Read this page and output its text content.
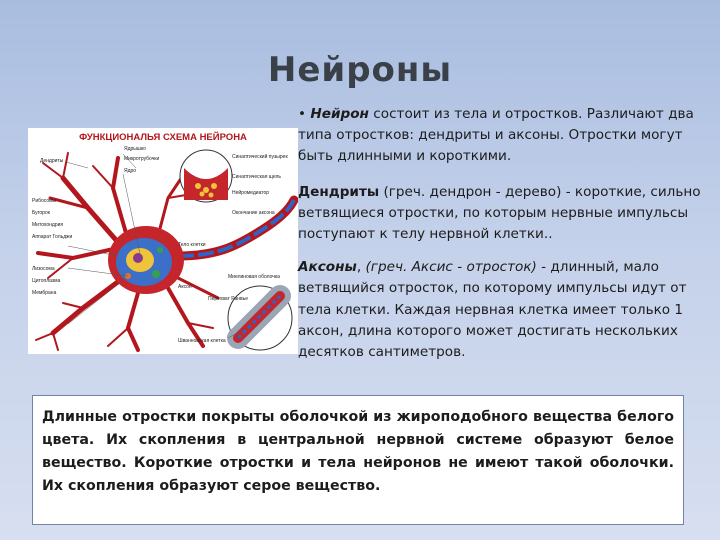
Нейроны
ФУНКЦИОНАЛЬЯ СХЕМА НЕЙРОНА
Дендриты
Ядрышко
Микротрубочки
Ядро
Синаптический пузырек
Синаптическая щель
Нейромедиатор
Окончание аксона
Рибосомы
Бугорок
Митохондрия
Аппарат Гольджи
Лизосома
Цитоплазма
Мембрана
Тело клетки
Миелиновая оболочка
Перехват Ранвье
Аксон
Шванновская клетка

• Нейрон состоит из тела и отростков. Различают два типа отростков: дендриты и аксоны. Отростки могут быть длинными и короткими.

Дендриты (греч. дендрон - дерево) - короткие, сильно ветвящиеся отростки, по которым нервные импульсы поступают к телу нервной клетки..

Аксоны, (греч. Аксис - отросток) - длинный, мало ветвящийся отросток, по которому импульсы идут от тела клетки. Каждая нервная клетка имеет только 1 аксон, длина которого может достигать нескольких десятков сантиметров.

Длинные отростки покрыты оболочкой из жироподобного вещества белого цвета. Их скопления в центральной нервной системе образуют белое вещество. Короткие отростки и тела нейронов не имеют такой оболочки. Их скопления образуют серое вещество.
